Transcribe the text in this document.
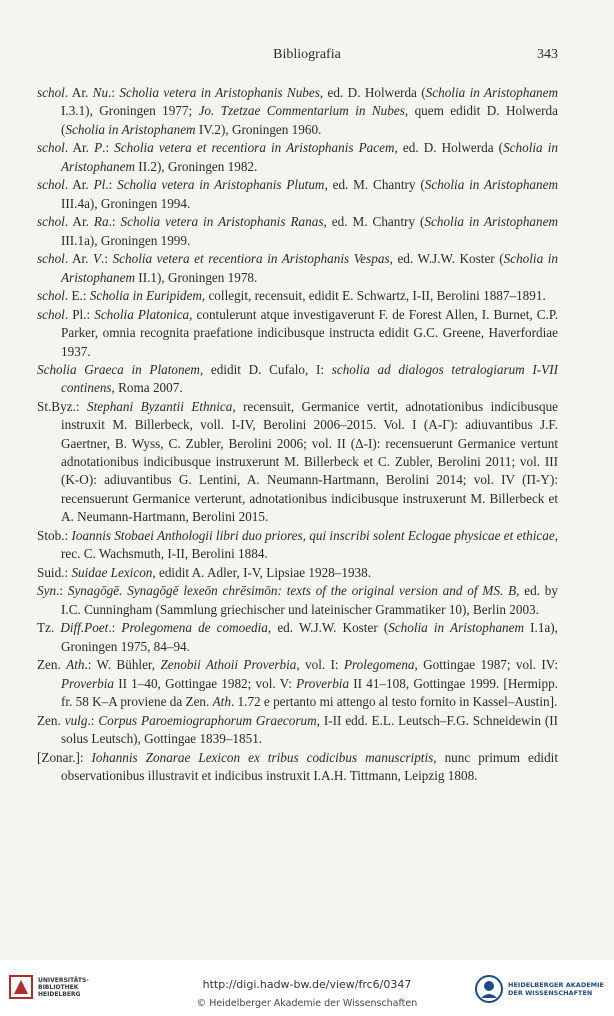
Bibliografia	343

schol. Ar. Nu.: Scholia vetera in Aristophanis Nubes, ed. D. Holwerda (Scholia in Aristophanem I.3.1), Groningen 1977; Jo. Tzetzae Commentarium in Nubes, quem edidit D. Holwerda (Scholia in Aristophanem IV.2), Groningen 1960.

schol. Ar. P.: Scholia vetera et recentiora in Aristophanis Pacem, ed. D. Holwerda (Scholia in Aristophanem II.2), Groningen 1982.

schol. Ar. Pl.: Scholia vetera in Aristophanis Plutum, ed. M. Chantry (Scholia in Aristophanem III.4a), Groningen 1994.

schol. Ar. Ra.: Scholia vetera in Aristophanis Ranas, ed. M. Chantry (Scholia in Aristophanem III.1a), Groningen 1999.

schol. Ar. V.: Scholia vetera et recentiora in Aristophanis Vespas, ed. W.J.W. Koster (Scholia in Aristophanem II.1), Groningen 1978.

schol. E.: Scholia in Euripidem, collegit, recensuit, edidit E. Schwartz, I-II, Berolini 1887–1891.

schol. Pl.: Scholia Platonica, contulerunt atque investigaverunt F. de Forest Allen, I. Burnet, C.P. Parker, omnia recognita praefatione indicibusque instructa edidit G.C. Greene, Haverfordiae 1937.

Scholia Graeca in Platonem, edidit D. Cufalo, I: scholia ad dialogos tetralogiarum I-VII continens, Roma 2007.

St.Byz.: Stephani Byzantii Ethnica, recensuit, Germanice vertit, adnotationibus indicibusque instruxit M. Billerbeck, voll. I-IV, Berolini 2006–2015. Vol. I (Α-Γ): adiuvantibus J.F. Gaertner, B. Wyss, C. Zubler, Berolini 2006; vol. II (Δ-Ι): recensuerunt Germanice vertunt adnotationibus indicibusque instruxerunt M. Billerbeck et C. Zubler, Berolini 2011; vol. III (Κ-Ο): adiuvantibus G. Lentini, A. Neumann-Hartmann, Berolini 2014; vol. IV (Π-Υ): recensuerunt Germanice verterunt, adnotationibus indicibusque instruxerunt M. Billerbeck et A. Neumann-Hartmann, Berolini 2015.

Stob.: Ioannis Stobaei Anthologii libri duo priores, qui inscribi solent Eclogae physicae et ethicae, rec. C. Wachsmuth, I-II, Berolini 1884.

Suid.: Suidae Lexicon, edidit A. Adler, I-V, Lipsiae 1928–1938.

Syn.: Synagōgē. Synagōgē lexeōn chrēsimōn: texts of the original version and of MS. B, ed. by I.C. Cunningham (Sammlung griechischer und lateinischer Grammatiker 10), Berlin 2003.

Tz. Diff.Poet.: Prolegomena de comoedia, ed. W.J.W. Koster (Scholia in Aristophanem I.1a), Groningen 1975, 84–94.

Zen. Ath.: W. Bühler, Zenobii Athoii Proverbia, vol. I: Prolegomena, Gottingae 1987; vol. IV: Proverbia II 1–40, Gottingae 1982; vol. V: Proverbia II 41–108, Gottingae 1999. [Hermipp. fr. 58 K–A proviene da Zen. Ath. 1.72 e pertanto mi attengo al testo fornito in Kassel–Austin].

Zen. vulg.: Corpus Paroemiographorum Graecorum, I-II edd. E.L. Leutsch–F.G. Schneidewin (II solus Leutsch), Gottingae 1839–1851.

[Zonar.]: Iohannis Zonarae Lexicon ex tribus codicibus manuscriptis, nunc primum edidit observationibus illustravit et indicibus instruxit I.A.H. Tittmann, Leipzig 1808.

UNIVERSITÄTS-
BIBLIOTHEK
HEIDELBERG
http://digi.hadw-bw.de/view/frc6/0347
© Heidelberger Akademie der Wissenschaften
HEIDELBERGER AKADEMIE
DER WISSENSCHAFTEN
